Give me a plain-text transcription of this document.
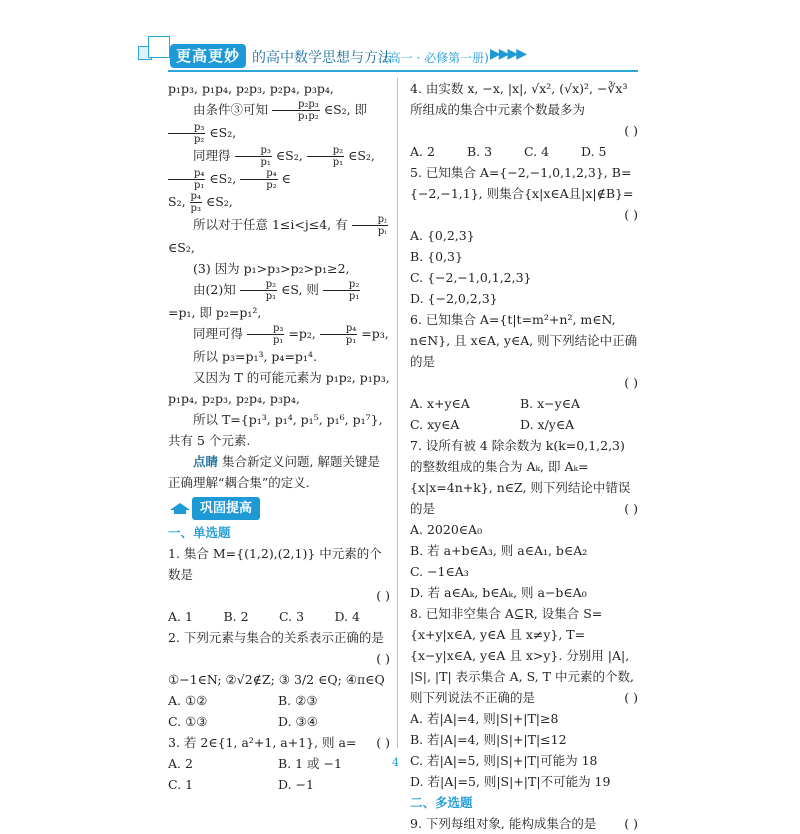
更高更妙 的高中数学思想与方法
(高一 · 必修第一册) ▶▶▶▶

p₁p₃, p₁p₄, p₂p₃, p₂p₄, p₃p₄,

由条件③可知 $\frac{\text{p₂p₃}}{\text{p₁p₂}}$ ∈S₂, 即
$\frac{\text{p₃}}{\text{p₂}}$ ∈S₂,

同理得 $\frac{\text{p₃}}{\text{p₁}}$ ∈S₂, $\frac{\text{p₂}}{\text{p₁}}$ ∈S₂,
$\frac{\text{p₄}}{\text{p₁}}$ ∈S₂, $\frac{\text{p₄}}{\text{p₂}}$ ∈

S₂, $\frac{\text{p₄}}{\text{p₃}}$ ∈S₂,

所以对于任意 1≤i<j≤4, 有 $\frac{\text{pⱼ}}{\text{pᵢ}}$
∈S₂,

(3) 因为 p₁>p₃>p₂>p₁≥2,

由(2)知 $\frac{\text{p₂}}{\text{p₁}}$ ∈S, 则 $\frac{\text{p₂}}{\text{p₁}}$
=p₁, 即 p₂=p₁²,

同理可得 $\frac{\text{p₃}}{\text{p₁}} =p_2$, $\frac{\text{p₄}}{\text{p₁}} =p_3$,

所以 p₃=p₁³, p₄=p₁⁴.

又因为 T 的可能元素为 p₁p₂, p₁p₃, p₁p₄, p₂p₃, p₂p₄, p₃p₄,

所以 T={p₁³, p₁⁴, p₁⁵, p₁⁶, p₁⁷}, 共有 5 个元素.

点睛 集合新定义问题, 解题关键是正确理解“耦合集”的定义.

巩固提高

一、单选题

1. 集合 M={(1,2),(2,1)} 中元素的个数是

( )

A. 1	B. 2	C. 3	D. 4

2. 下列元素与集合的关系表示正确的是

( )

①−1∈N; ②√2∉Z; ③ 3/2 ∈Q; ④π∈Q

A. ①②	B. ②③

C. ①③	D. ③④

3. 若 2∈{1, a²+1, a+1}, 则 a= ( )

A. 2	B. 1 或 −1

C. 1	D. −1

4. 由实数 x, −x, |x|, √x², (√x)², −∛x³ 所组成的集合中元素个数最多为

( )

A. 2	B. 3	C. 4	D. 5

5. 已知集合 A={−2,−1,0,1,2,3}, B={−2,−1,1}, 则集合{x|x∈A且|x|∉B}=

( )

A. {0,2,3}

B. {0,3}

C. {−2,−1,0,1,2,3}

D. {−2,0,2,3}

6. 已知集合 A={t|t=m²+n², m∈N, n∈N}, 且 x∈A, y∈A, 则下列结论中正确的是

( )

A. x+y∈A	B. x−y∈A

C. xy∈A	D. x/y∈A

7. 设所有被 4 除余数为 k(k=0,1,2,3) 的整数组成的集合为 Aₖ, 即 Aₖ={x|x=4n+k}, n∈Z, 则下列结论中错误的是	( )

A. 2020∈A₀

B. 若 a+b∈A₃, 则 a∈A₁, b∈A₂

C. −1∈A₃

D. 若 a∈Aₖ, b∈Aₖ, 则 a−b∈A₀

8. 已知非空集合 A⊆R, 设集合 S={x+y|x∈A, y∈A 且 x≠y}, T={x−y|x∈A, y∈A 且 x>y}. 分别用 |A|, |S|, |T| 表示集合 A, S, T 中元素的个数, 则下列说法不正确的是	( )

A. 若|A|=4, 则|S|+|T|≥8

B. 若|A|=4, 则|S|+|T|≤12

C. 若|A|=5, 则|S|+|T|可能为 18

D. 若|A|=5, 则|S|+|T|不可能为 19

二、多选题

9. 下列每组对象, 能构成集合的是 ( )

4
